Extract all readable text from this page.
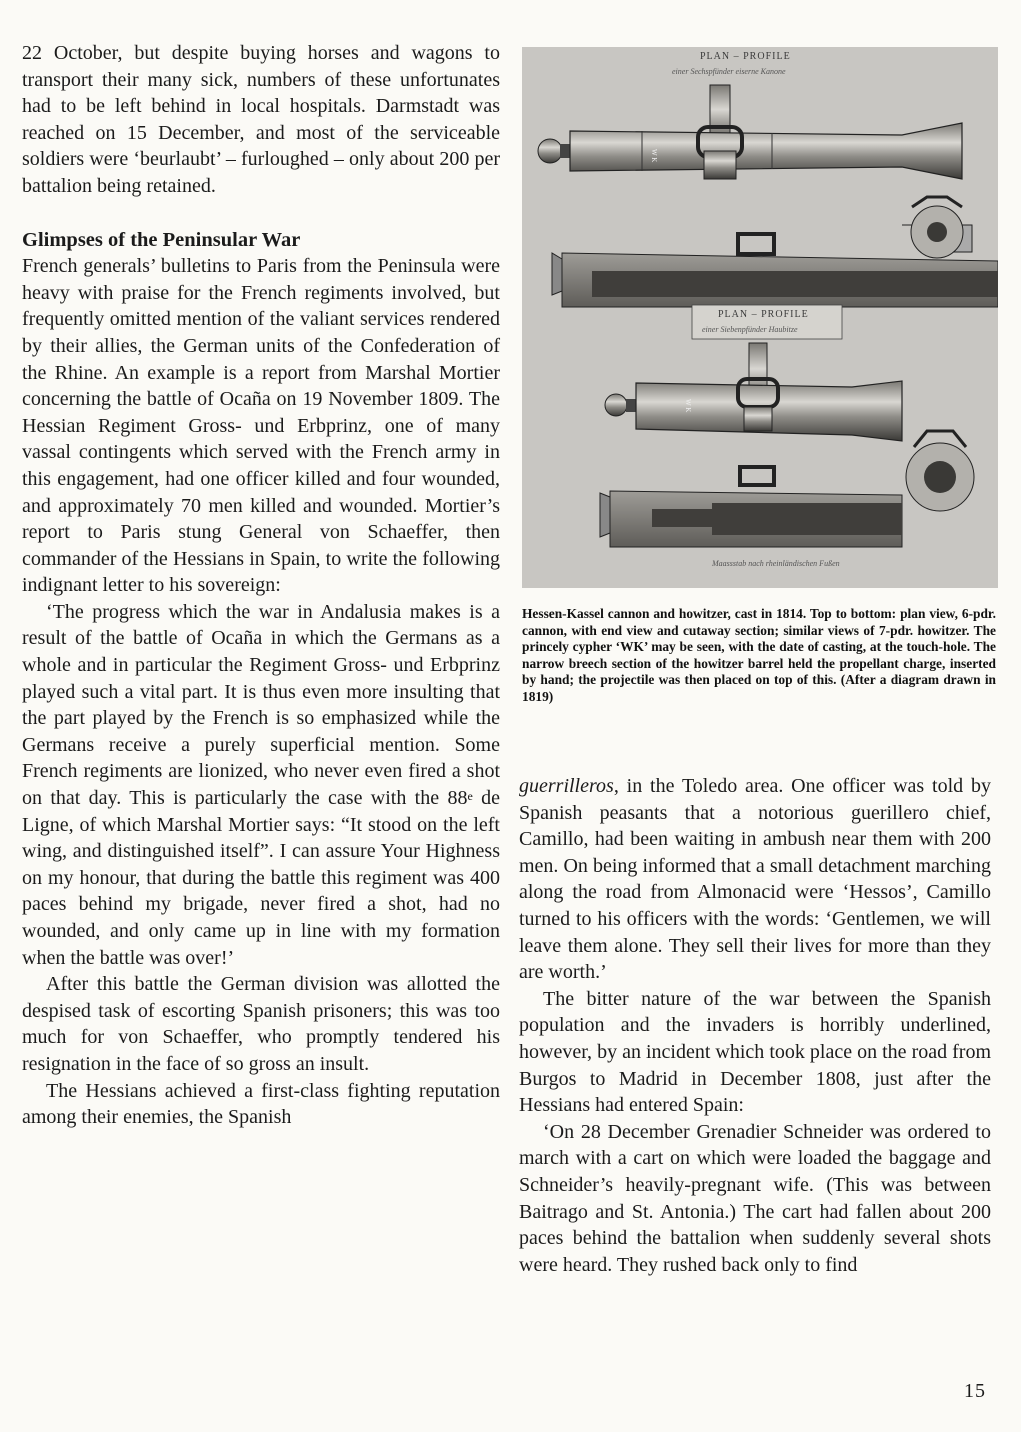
22 October, but despite buying horses and wagons to transport their many sick, numbers of these unfortunates had to be left behind in local hospitals. Darmstadt was reached on 15 December, and most of the serviceable soldiers were ‘beurlaubt’ – furloughed – only about 200 per battalion being retained.

Glimpses of the Peninsular War

French generals’ bulletins to Paris from the Peninsula were heavy with praise for the French regiments involved, but frequently omitted mention of the valiant services rendered by their allies, the German units of the Confederation of the Rhine. An example is a report from Marshal Mortier concerning the battle of Ocaña on 19 November 1809. The Hessian Regiment Gross- und Erbprinz, one of many vassal contingents which served with the French army in this engagement, had one officer killed and four wounded, and approximately 70 men killed and wounded. Mortier’s report to Paris stung General von Schaeffer, then commander of the Hessians in Spain, to write the following indignant letter to his sovereign:

‘The progress which the war in Andalusia makes is a result of the battle of Ocaña in which the Germans as a whole and in particular the Regiment Gross- und Erbprinz played such a vital part. It is thus even more insulting that the part played by the French is so emphasized while the Germans receive a purely superficial mention. Some French regiments are lionized, who never even fired a shot on that day. This is particularly the case with the 88e de Ligne, of which Marshal Mortier says: “It stood on the left wing, and distinguished itself”. I can assure Your Highness on my honour, that during the battle this regiment was 400 paces behind my brigade, never fired a shot, had no wounded, and only came up in line with my formation when the battle was over!’

After this battle the German division was allotted the despised task of escorting Spanish prisoners; this was too much for von Schaeffer, who promptly tendered his resignation in the face of so gross an insult.

The Hessians achieved a first-class fighting reputation among their enemies, the Spanish

PLAN – PROFILE
einer Sechspfünder eiserne Kanone
W K
PLAN – PROFILE
einer Siebenpfünder Haubitze
W K
Maassstab nach rheinländischen Fußen
Hessen-Kassel cannon and howitzer, cast in 1814. Top to bottom: plan view, 6-pdr. cannon, with end view and cutaway section; similar views of 7-pdr. howitzer. The princely cypher ‘WK’ may be seen, with the date of casting, at the touch-hole. The narrow breech section of the howitzer barrel held the propellant charge, inserted by hand; the projectile was then placed on top of this. (After a diagram drawn in 1819)

guerrilleros, in the Toledo area. One officer was told by Spanish peasants that a notorious guerillero chief, Camillo, had been waiting in ambush near them with 200 men. On being informed that a small detachment marching along the road from Almonacid were ‘Hessos’, Camillo turned to his officers with the words: ‘Gentlemen, we will leave them alone. They sell their lives for more than they are worth.’

The bitter nature of the war between the Spanish population and the invaders is horribly underlined, however, by an incident which took place on the road from Burgos to Madrid in December 1808, just after the Hessians had entered Spain:

‘On 28 December Grenadier Schneider was ordered to march with a cart on which were loaded the baggage and Schneider’s heavily-pregnant wife. (This was between Baitrago and St. Antonia.) The cart had fallen about 200 paces behind the battalion when suddenly several shots were heard. They rushed back only to find

15
